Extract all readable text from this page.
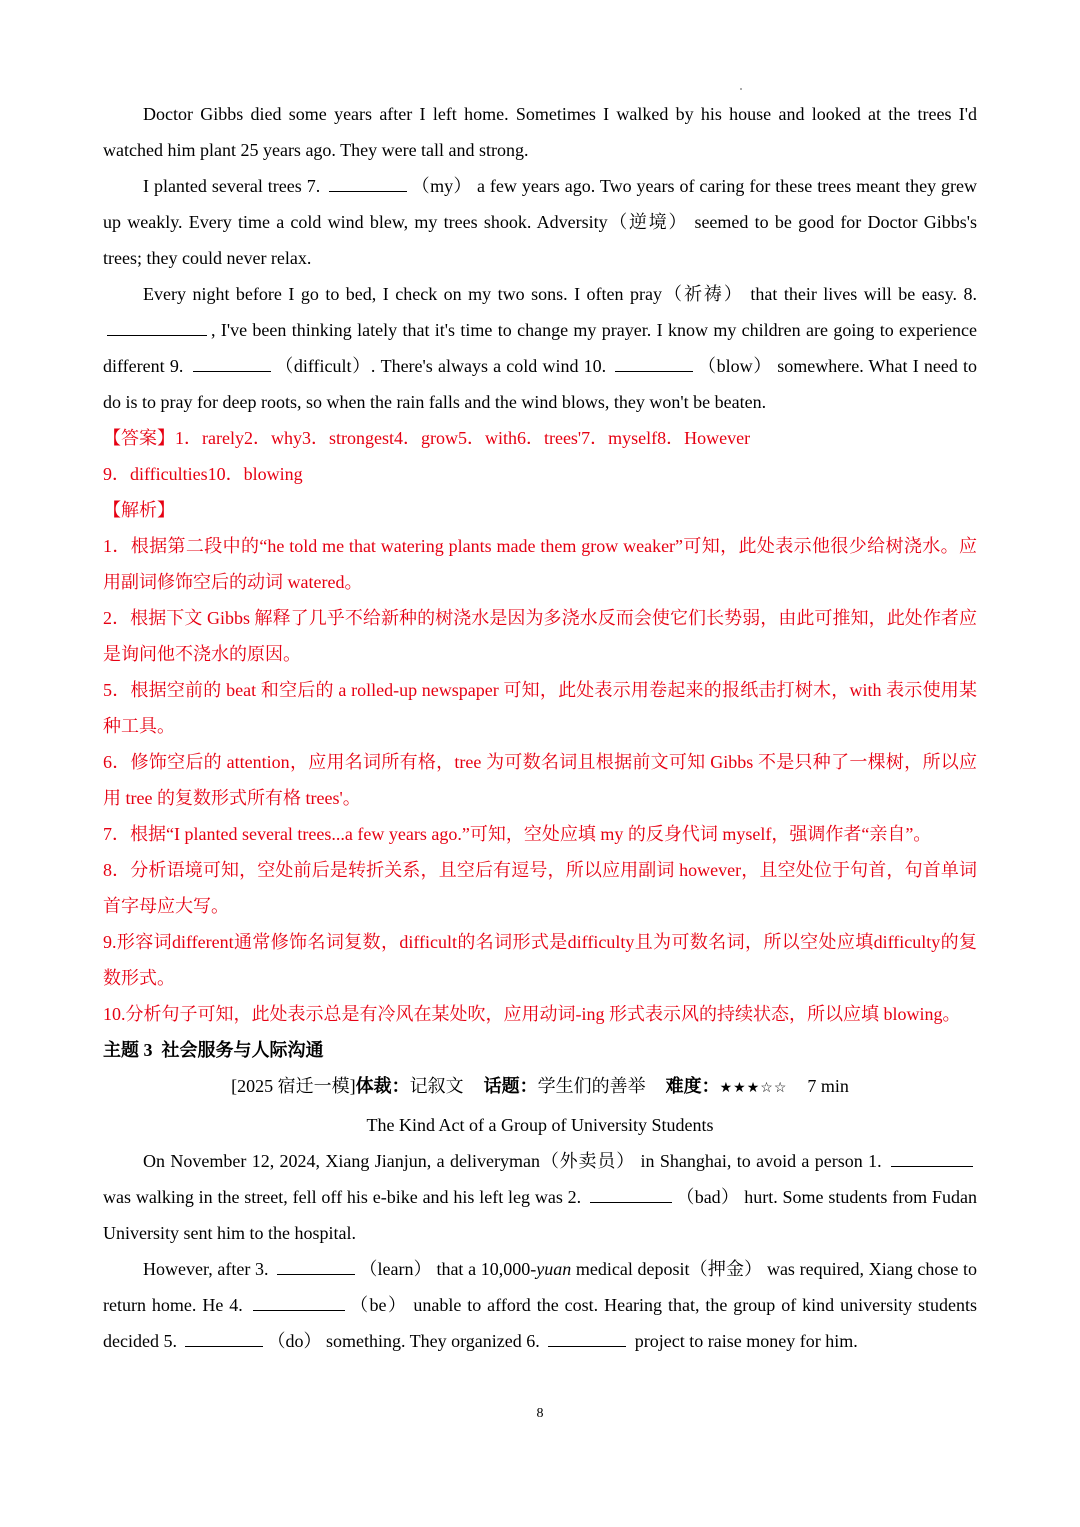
Doctor Gibbs died some years after I left home. Sometimes I walked by his house and looked at the trees I'd watched him plant 25 years ago. They were tall and strong.

I planted several trees 7.	（my） a few years ago. Two years of caring for these trees meant they grew up weakly. Every time a cold wind blew, my trees shook. Adversity（逆境） seemed to be good for Doctor Gibbs's trees; they could never relax.

Every night before I go to bed, I check on my two sons. I often pray（祈祷） that their lives will be easy. 8. , I've been thinking lately that it's time to change my prayer. I know my children are going to experience different 9.	（difficult）. There's always a cold wind 10.	（blow） somewhere. What I need to do is to pray for deep roots, so when the rain falls and the wind blows, they won't be beaten.

【答案】1．rarely2．why3．strongest4．grow5．with6．trees'7．myself8．However

9．difficulties10．blowing

【解析】

1．根据第二段中的“he told me that watering plants made them grow weaker”可知，此处表示他很少给树浇水。应用副词修饰空后的动词 watered。

2．根据下文 Gibbs 解释了几乎不给新种的树浇水是因为多浇水反而会使它们长势弱，由此可推知，此处作者应是询问他不浇水的原因。

5．根据空前的 beat 和空后的 a rolled-up newspaper 可知，此处表示用卷起来的报纸击打树木，with 表示使用某种工具。

6．修饰空后的 attention，应用名词所有格，tree 为可数名词且根据前文可知 Gibbs 不是只种了一棵树，所以应用 tree 的复数形式所有格 trees'。

7．根据“I planted several trees...a few years ago.”可知，空处应填 my 的反身代词 myself，强调作者“亲自”。

8．分析语境可知，空处前后是转折关系，且空后有逗号，所以应用副词 however，且空处位于句首，句首单词首字母应大写。

9.形容词different通常修饰名词复数，difficult的名词形式是difficulty且为可数名词，所以空处应填difficulty的复数形式。

10.分析句子可知，此处表示总是有冷风在某处吹，应用动词-ing 形式表示风的持续状态，所以应填 blowing。

主题 3 社会服务与人际沟通

[2025 宿迁一模]体裁：记叙文 话题：学生们的善举 难度：★★★☆☆ 7 min

The Kind Act of a Group of University Students

On November 12, 2024, Xiang Jianjun, a deliveryman（外卖员） in Shanghai, to avoid a person 1.  was walking in the street, fell off his e-bike and his left leg was 2.	（bad） hurt. Some students from Fudan University sent him to the hospital.

However, after 3.	（learn） that a 10,000-yuan medical deposit（押金） was required, Xiang chose to return home. He 4.	（be） unable to afford the cost. Hearing that, the group of kind university students decided 5.	（do） something. They organized 6.	project to raise money for him.

8
